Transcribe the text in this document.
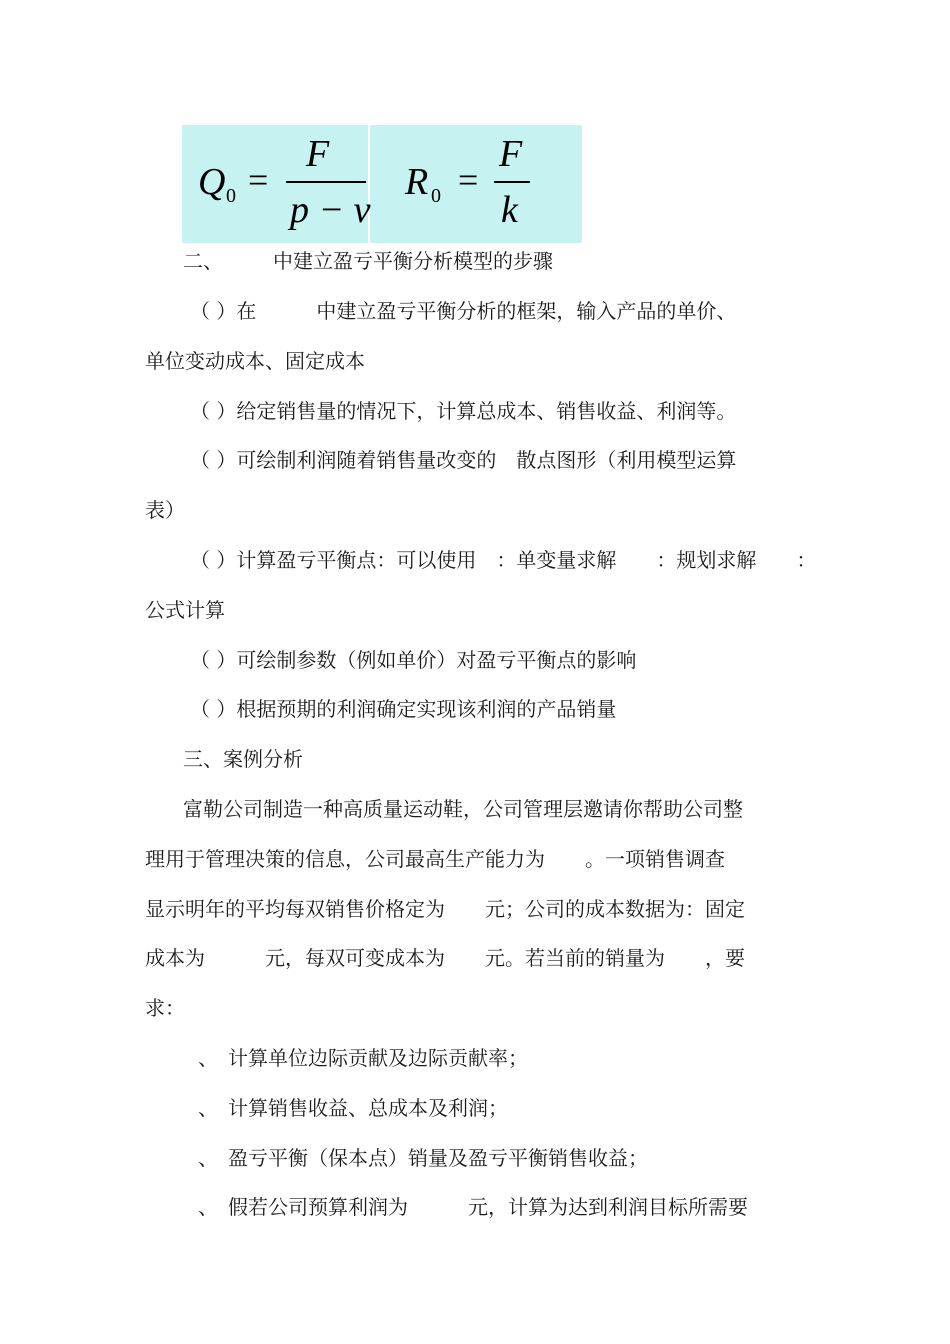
Q 0 =
F
p − v
R 0 =
F
k
二、　　　中建立盈亏平衡分析模型的步骤
（ ）在　　　中建立盈亏平衡分析的框架，输入产品的单价、
单位变动成本、固定成本
（ ）给定销售量的情况下，计算总成本、销售收益、利润等。
（ ）可绘制利润随着销售量改变的　散点图形（利用模型运算
表）
（ ）计算盈亏平衡点：可以使用　：单变量求解　　：规划求解　　：
公式计算
（ ）可绘制参数（例如单价）对盈亏平衡点的影响
（ ）根据预期的利润确定实现该利润的产品销量
三、案例分析
富勒公司制造一种高质量运动鞋，公司管理层邀请你帮助公司整
理用于管理决策的信息，公司最高生产能力为　　。一项销售调查
显示明年的平均每双销售价格定为　　元；公司的成本数据为：固定
成本为　　　元，每双可变成本为　　元。若当前的销量为　　，要
求：
、　计算单位边际贡献及边际贡献率；
、　计算销售收益、总成本及利润；
、　盈亏平衡（保本点）销量及盈亏平衡销售收益；
、　假若公司预算利润为　　　元，计算为达到利润目标所需要
